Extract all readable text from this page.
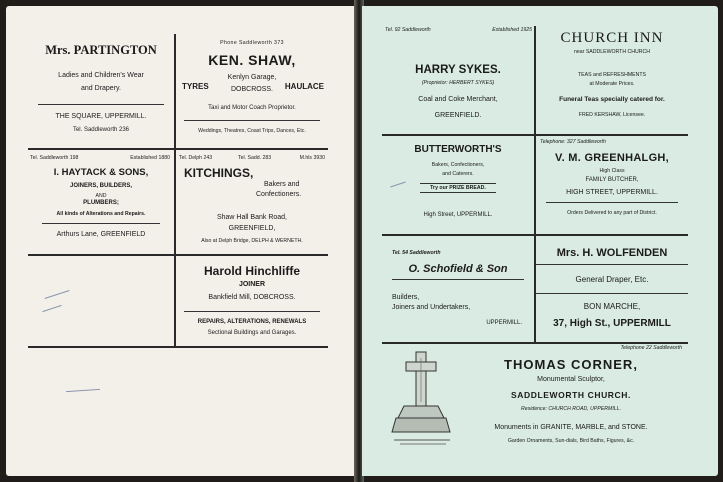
Mrs. PARTINGTON
Ladies and Children's Wear
and Drapery.
THE SQUARE, UPPERMILL.
Tel. Saddleworth 236
Phone Saddleworth 373
KEN. SHAW,
TYRES
Kenlyn Garage,
DOBCROSS.	HAULACE
Taxi and Motor Coach Proprietor.
Weddings, Theatres, Coast Trips, Dances, Etc.
Tel. Saddleworth 198	Established 1880
I. HAYTACK & SONS,
JOINERS, BUILDERS,
AND
PLUMBERS;
All kinds of Alterations and Repairs.
Arthurs Lane, GREENFIELD
Tel. Delph 243	Tel. Sadd. 283	M.hls 3930
KITCHINGS,
Bakers and
Confectioners.
Shaw Hall Bank Road,
GREENFIELD,
Also at Delph Bridge, DELPH & WERNETH.
Harold Hinchliffe
JOINER
Bankfield Mill, DOBCROSS.
REPAIRS, ALTERATIONS, RENEWALS
Sectional Buildings and Garages.
Tel. 92 Saddleworth	Established 1925
HARRY SYKES.
(Proprietor: HERBERT SYKES)
Coal and Coke Merchant,
GREENFIELD.
CHURCH INN
near SADDLEWORTH CHURCH
TEAS and REFRESHMENTS
at Moderate Prices.
Funeral Teas specially catered for.
FRED KERSHAW, Licensee.
BUTTERWORTH'S
Bakers, Confectioners,
and Caterers.
Try our PRIZE BREAD.
High Street, UPPERMILL.
Telephone: 327 Saddleworth
V. M. GREENHALGH,
High Class
FAMILY BUTCHER,
HIGH STREET, UPPERMILL.
Orders Delivered to any part of District.
Tel. 54 Saddleworth
O. Schofield & Son
Builders,
Joiners and Undertakers,
UPPERMILL.
Mrs. H. WOLFENDEN
General Draper, Etc.
BON MARCHE,
37, High St., UPPERMILL
Telephone 22 Saddleworth
THOMAS CORNER,
Monumental Sculptor,
SADDLEWORTH CHURCH.
Residence: CHURCH ROAD, UPPERMILL.
Monuments in GRANITE, MARBLE, and STONE.
Garden Ornaments, Sun-dials, Bird Baths, Figures, &c.
